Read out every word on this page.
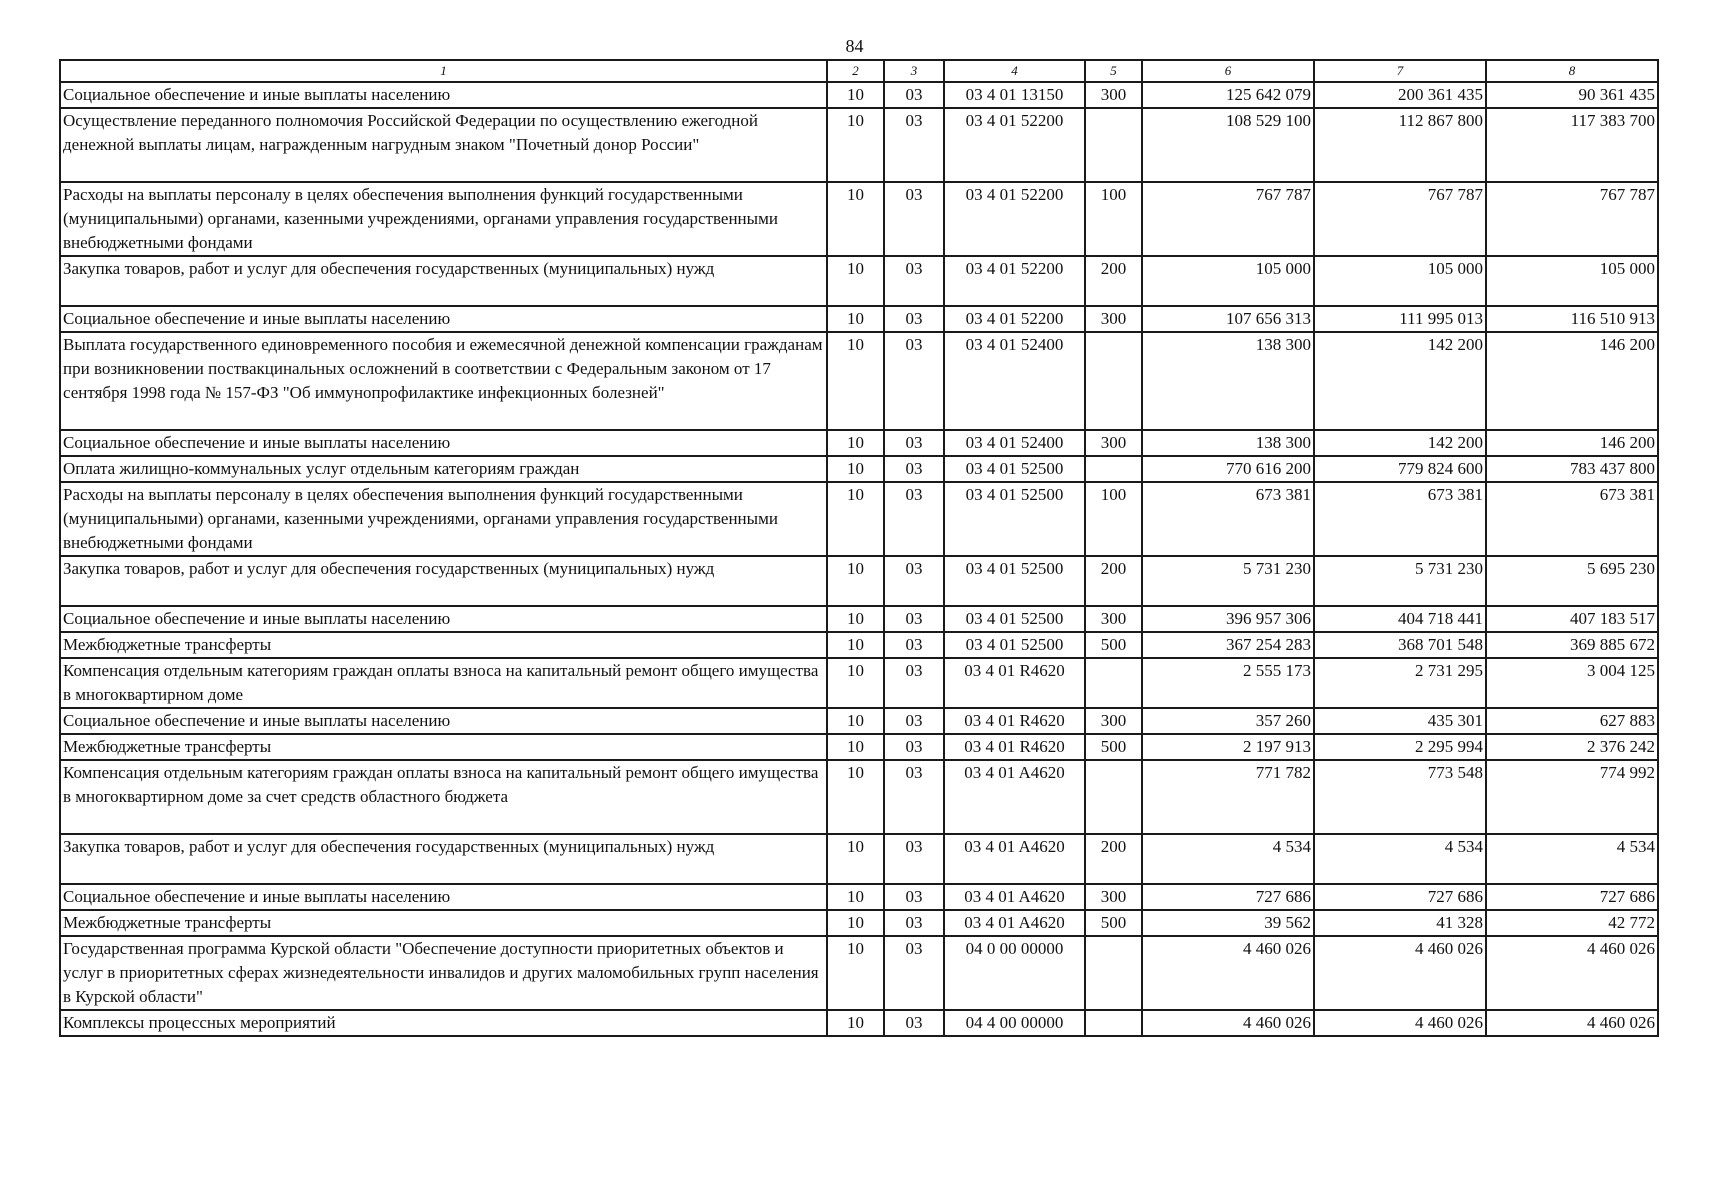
84
1	2	3	4	5	6	7	8
Социальное обеспечение и иные выплаты населению	10	03	03 4 01 13150	300	125 642 079	200 361 435	90 361 435
Осуществление переданного полномочия Российской Федерации по осуществлению ежегодной денежной выплаты лицам, награжденным нагрудным знаком "Почетный донор России"	10	03	03 4 01 52200		108 529 100	112 867 800	117 383 700
Расходы на выплаты персоналу в целях обеспечения выполнения функций государственными (муниципальными) органами, казенными учреждениями, органами управления государственными внебюджетными фондами	10	03	03 4 01 52200	100	767 787	767 787	767 787
Закупка товаров, работ и услуг для обеспечения государственных (муниципальных) нужд	10	03	03 4 01 52200	200	105 000	105 000	105 000
Социальное обеспечение и иные выплаты населению	10	03	03 4 01 52200	300	107 656 313	111 995 013	116 510 913
Выплата государственного единовременного пособия и ежемесячной денежной компенсации гражданам при возникновении поствакцинальных осложнений в соответствии с Федеральным законом от 17 сентября 1998 года № 157-ФЗ "Об иммунопрофилактике инфекционных болезней"	10	03	03 4 01 52400		138 300	142 200	146 200
Социальное обеспечение и иные выплаты населению	10	03	03 4 01 52400	300	138 300	142 200	146 200
Оплата жилищно-коммунальных услуг отдельным категориям граждан	10	03	03 4 01 52500		770 616 200	779 824 600	783 437 800
Расходы на выплаты персоналу в целях обеспечения выполнения функций государственными (муниципальными) органами, казенными учреждениями, органами управления государственными внебюджетными фондами	10	03	03 4 01 52500	100	673 381	673 381	673 381
Закупка товаров, работ и услуг для обеспечения государственных (муниципальных) нужд	10	03	03 4 01 52500	200	5 731 230	5 731 230	5 695 230
Социальное обеспечение и иные выплаты населению	10	03	03 4 01 52500	300	396 957 306	404 718 441	407 183 517
Межбюджетные трансферты	10	03	03 4 01 52500	500	367 254 283	368 701 548	369 885 672
Компенсация отдельным категориям граждан оплаты взноса на капитальный ремонт общего имущества в многоквартирном доме	10	03	03 4 01 R4620		2 555 173	2 731 295	3 004 125
Социальное обеспечение и иные выплаты населению	10	03	03 4 01 R4620	300	357 260	435 301	627 883
Межбюджетные трансферты	10	03	03 4 01 R4620	500	2 197 913	2 295 994	2 376 242
Компенсация отдельным категориям граждан оплаты взноса на капитальный ремонт общего имущества в многоквартирном доме за счет средств областного бюджета	10	03	03 4 01 A4620		771 782	773 548	774 992
Закупка товаров, работ и услуг для обеспечения государственных (муниципальных) нужд	10	03	03 4 01 A4620	200	4 534	4 534	4 534
Социальное обеспечение и иные выплаты населению	10	03	03 4 01 A4620	300	727 686	727 686	727 686
Межбюджетные трансферты	10	03	03 4 01 A4620	500	39 562	41 328	42 772
Государственная программа Курской области "Обеспечение доступности приоритетных объектов и услуг в приоритетных сферах жизнедеятельности инвалидов и других маломобильных групп населения в Курской области"	10	03	04 0 00 00000		4 460 026	4 460 026	4 460 026
Комплексы процессных мероприятий	10	03	04 4 00 00000		4 460 026	4 460 026	4 460 026
